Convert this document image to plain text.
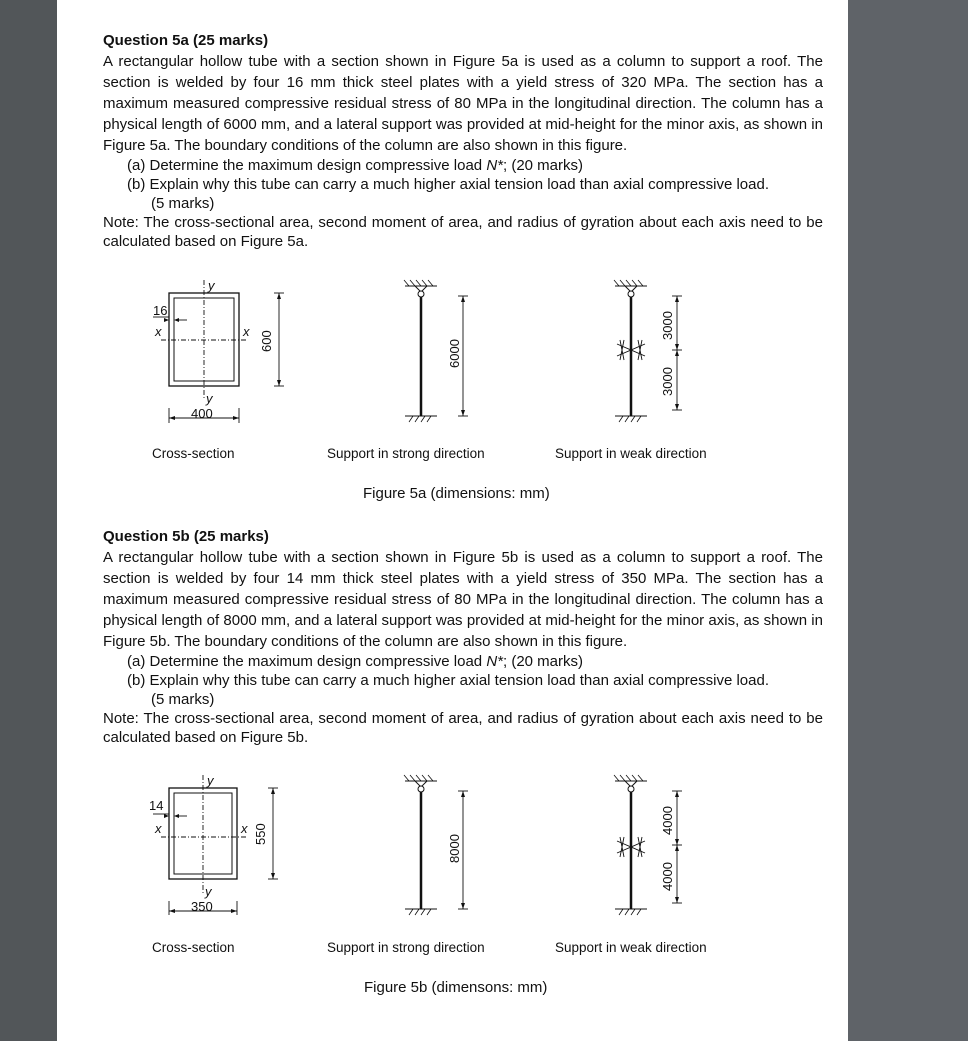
Question 5a (25 marks)

A rectangular hollow tube with a section shown in Figure 5a is used as a column to support a roof. The section is welded by four 16 mm thick steel plates with a yield stress of 320 MPa. The section has a maximum measured compressive residual stress of 80 MPa in the longitudinal direction. The column has a physical length of 6000 mm, and a lateral support was provided at mid-height for the minor axis, as shown in Figure 5a. The boundary conditions of the column are also shown in this figure.

(a) Determine the maximum design compressive load N*; (20 marks)
(b) Explain why this tube can carry a much higher axial tension load than axial compressive load.
(5 marks)

Note: The cross-sectional area, second moment of area, and radius of gyration about each axis need to be calculated based on Figure 5a.

y
y
x	x
16
400
600	6000
3000
3000
Cross-section	Support in strong direction	Support in weak direction
Figure 5a (dimensions: mm)
Question 5b (25 marks)

A rectangular hollow tube with a section shown in Figure 5b is used as a column to support a roof. The section is welded by four 14 mm thick steel plates with a yield stress of 350 MPa. The section has a maximum measured compressive residual stress of 80 MPa in the longitudinal direction. The column has a physical length of 8000 mm, and a lateral support was provided at mid-height for the minor axis, as shown in Figure 5b. The boundary conditions of the column are also shown in this figure.

(a) Determine the maximum design compressive load N*; (20 marks)
(b) Explain why this tube can carry a much higher axial tension load than axial compressive load.
(5 marks)

Note: The cross-sectional area, second moment of area, and radius of gyration about each axis need to be calculated based on Figure 5b.

y
y
x	x
14
350
550	8000
4000
4000
Cross-section	Support in strong direction	Support in weak direction
Figure 5b (dimensons: mm)
